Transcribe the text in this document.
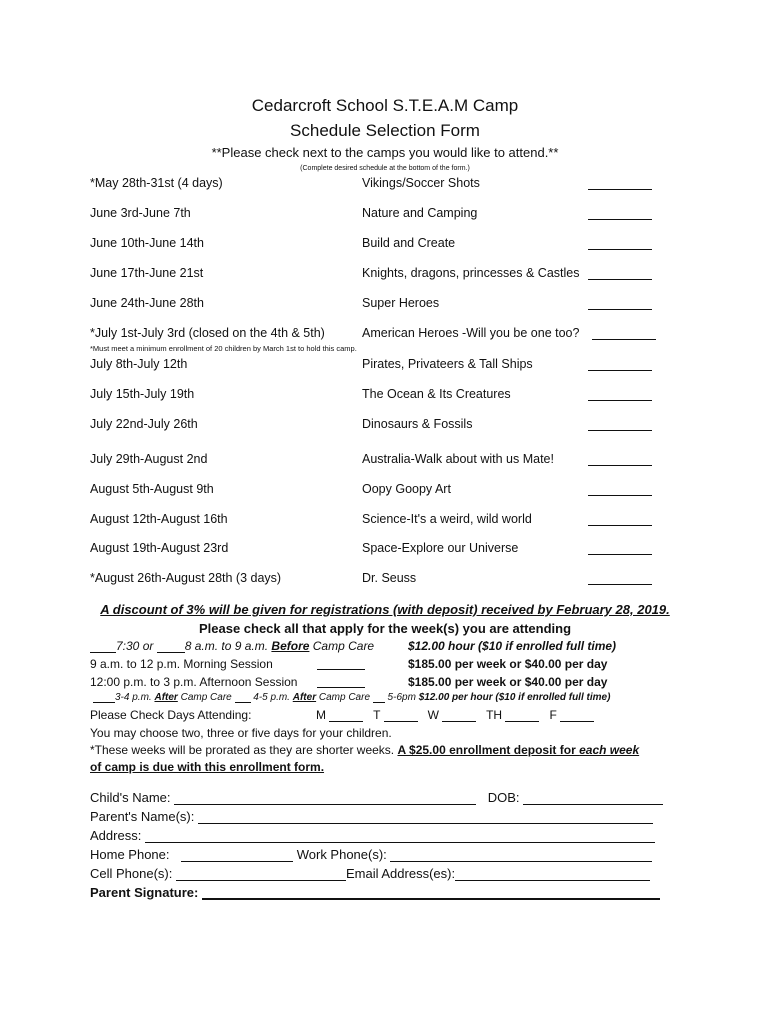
Cedarcroft School S.T.E.A.M Camp
Schedule Selection Form
**Please check next to the camps you would like to attend.**
(Complete desired schedule at the bottom of the form.)
*May 28th-31st (4 days)	Vikings/Soccer Shots
June 3rd-June 7th	Nature and Camping
June 10th-June 14th	Build and Create
June 17th-June 21st	Knights, dragons, princesses & Castles
June 24th-June 28th	Super Heroes
*July 1st-July 3rd (closed on the 4th & 5th)	American Heroes -Will you be one too?
*Must meet a minimum enrollment of 20 children by March 1st to hold this camp.
July 8th-July 12th	Pirates, Privateers & Tall Ships
July 15th-July 19th	The Ocean & Its Creatures
July 22nd-July 26th	Dinosaurs & Fossils
July 29th-August 2nd	Australia-Walk about with us Mate!
August 5th-August 9th	Oopy Goopy Art
August 12th-August 16th	Science-It's a weird, wild world
August 19th-August 23rd	Space-Explore our Universe
*August 26th-August 28th (3 days)	Dr. Seuss
A discount of 3% will be given for registrations (with deposit) received by February 28, 2019.
Please check all that apply for the week(s) you are attending
7:30 or 8 a.m. to 9 a.m. Before Camp Care	$12.00 hour ($10 if enrolled full time)
9 a.m. to 12 p.m. Morning Session	$185.00 per week or $40.00 per day
12:00 p.m. to 3 p.m. Afternoon Session	$185.00 per week or $40.00 per day
3-4 p.m. After Camp Care  4-5 p.m. After Camp Care  5-6pm $12.00 per hour ($10 if enrolled full time)
Please Check Days Attending:	M	T	W	TH	F
You may choose two, three or five days for your children.
*These weeks will be prorated as they are shorter weeks. A $25.00 enrollment deposit for each week
of camp is due with this enrollment form.
Child's Name:	DOB:
Parent's Name(s):
Address:
Home Phone:	Work Phone(s):
Cell Phone(s):	Email Address(es):
Parent Signature:
